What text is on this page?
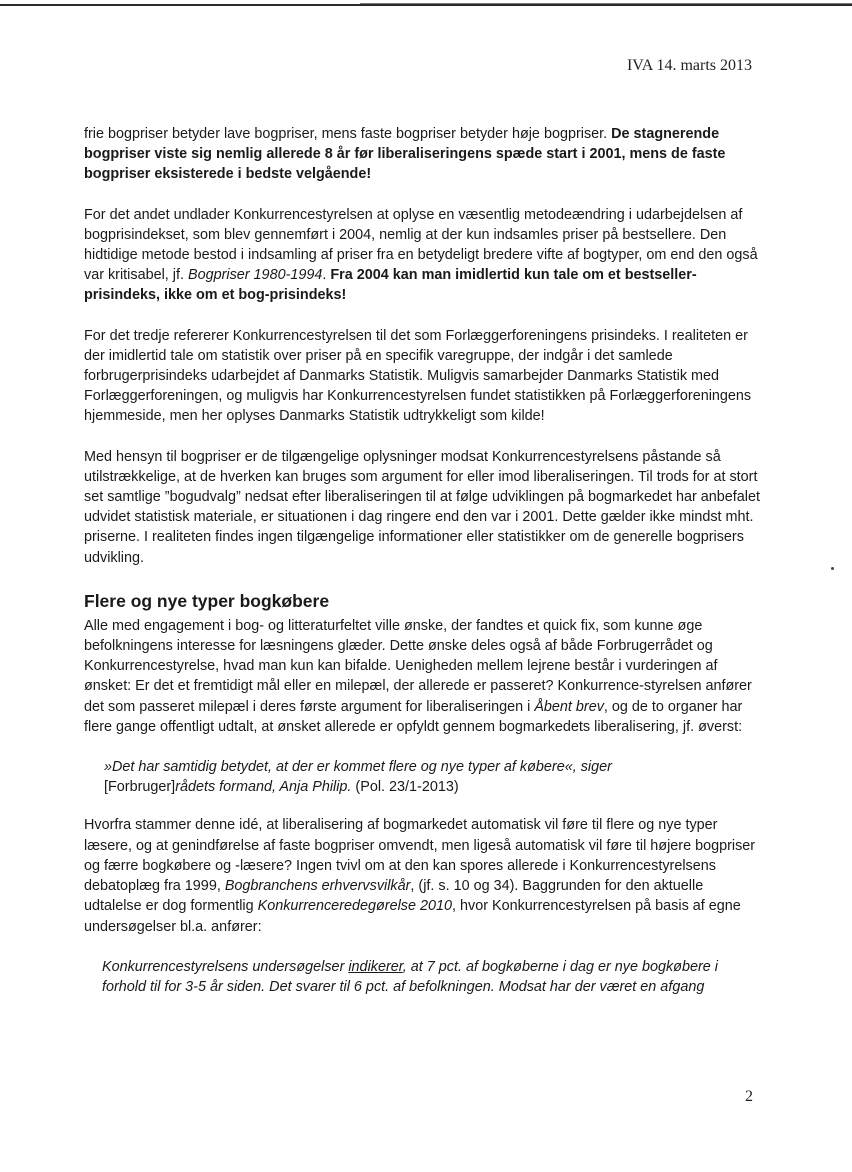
IVA 14. marts 2013

frie bogpriser betyder lave bogpriser, mens faste bogpriser betyder høje bogpriser. De stagnerende bogpriser viste sig nemlig allerede 8 år før liberaliseringens spæde start i 2001, mens de faste bogpriser eksisterede i bedste velgående!

For det andet undlader Konkurrencestyrelsen at oplyse en væsentlig metodeændring i udarbejdelsen af bogprisindekset, som blev gennemført i 2004, nemlig at der kun indsamles priser på bestsellere. Den hidtidige metode bestod i indsamling af priser fra en betydeligt bredere vifte af bogtyper, om end den også var kritisabel, jf. Bogpriser 1980-1994. Fra 2004 kan man imidlertid kun tale om et bestseller-prisindeks, ikke om et bog-prisindeks!

For det tredje refererer Konkurrencestyrelsen til det som Forlæggerforeningens prisindeks. I realiteten er der imidlertid tale om statistik over priser på en specifik varegruppe, der indgår i det samlede forbrugerprisindeks udarbejdet af Danmarks Statistik. Muligvis samarbejder Danmarks Statistik med Forlæggerforeningen, og muligvis har Konkurrencestyrelsen fundet statistikken på Forlæggerforeningens hjemmeside, men her oplyses Danmarks Statistik udtrykkeligt som kilde!

Med hensyn til bogpriser er de tilgængelige oplysninger modsat Konkurrencestyrelsens påstande så utilstrækkelige, at de hverken kan bruges som argument for eller imod liberaliseringen. Til trods for at stort set samtlige ”bogudvalg” nedsat efter liberaliseringen til at følge udviklingen på bogmarkedet har anbefalet udvidet statistisk materiale, er situationen i dag ringere end den var i 2001. Dette gælder ikke mindst mht. priserne. I realiteten findes ingen tilgængelige informationer eller statistikker om de generelle bogprisers udvikling.

Flere og nye typer bogkøbere

Alle med engagement i bog- og litteraturfeltet ville ønske, der fandtes et quick fix, som kunne øge befolkningens interesse for læsningens glæder. Dette ønske deles også af både Forbrugerrådet og Konkurrencestyrelse, hvad man kun kan bifalde. Uenigheden mellem lejrene består i vurderingen af ønsket: Er det et fremtidigt mål eller en milepæl, der allerede er passeret? Konkurrence-styrelsen anfører det som passeret milepæl i deres første argument for liberaliseringen i Åbent brev, og de to organer har flere gange offentligt udtalt, at ønsket allerede er opfyldt gennem bogmarkedets liberalisering, jf. øverst:

»Det har samtidig betydet, at der er kommet flere og nye typer af købere«, siger
[Forbruger]rådets formand, Anja Philip. (Pol. 23/1-2013)

Hvorfra stammer denne idé, at liberalisering af bogmarkedet automatisk vil føre til flere og nye typer læsere, og at genindførelse af faste bogpriser omvendt, men ligeså automatisk vil føre til højere bogpriser og færre bogkøbere og -læsere? Ingen tvivl om at den kan spores allerede i Konkurrencestyrelsens debatoplæg fra 1999, Bogbranchens erhvervsvilkår, (jf. s. 10 og 34). Baggrunden for den aktuelle udtalelse er dog formentlig Konkurrenceredegørelse 2010, hvor Konkurrencestyrelsen på basis af egne undersøgelser bl.a. anfører:

Konkurrencestyrelsens undersøgelser indikerer, at 7 pct. af bogkøberne i dag er nye bogkøbere i forhold til for 3-5 år siden. Det svarer til 6 pct. af befolkningen. Modsat har der været en afgang

2
